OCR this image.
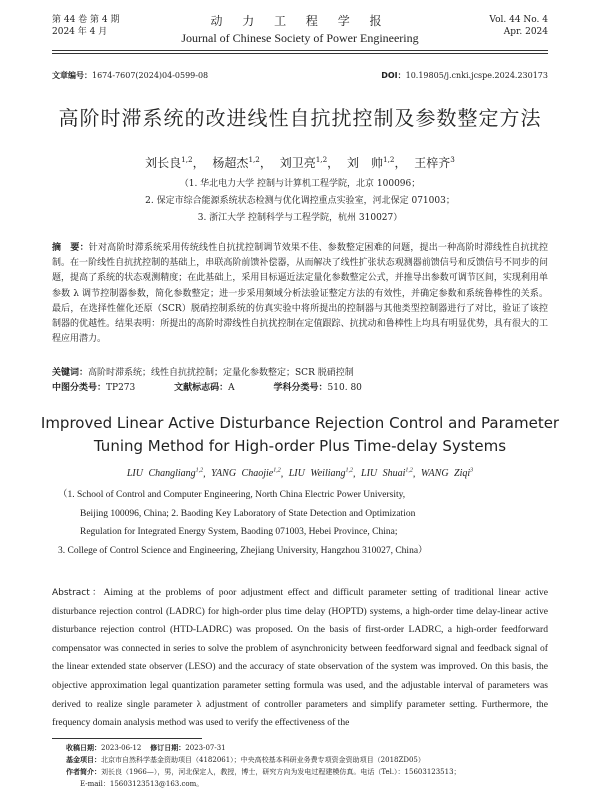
第 44 卷 第 4 期
2024 年 4 月
动 力 工 程 学 报
Journal of Chinese Society of Power Engineering
Vol. 44 No. 4
Apr. 2024
文章编号：1674-7607(2024)04-0599-08	DOI：10.19805/j.cnki.jcspe.2024.230173
高阶时滞系统的改进线性自抗扰控制及参数整定方法
刘长良$^{1,2}$， 杨超杰$^{1,2}$， 刘卫亮$^{1,2}$， 刘　帅$^{1,2}$， 王梓齐$^3$
（1. 华北电力大学 控制与计算机工程学院，北京 100096；
2. 保定市综合能源系统状态检测与优化调控重点实验室，河北保定 071003；
3. 浙江大学 控制科学与工程学院，杭州 310027）
摘　要：针对高阶时滞系统采用传统线性自抗扰控制调节效果不佳、参数整定困难的问题，提出一种高阶时滞线性自抗扰控制。在一阶线性自抗扰控制的基础上，串联高阶前馈补偿器，从而解决了线性扩张状态观测器前馈信号和反馈信号不同步的问题，提高了系统的状态观测精度；在此基础上，采用目标逼近法定量化参数整定公式，并推导出参数可调节区间，实现利用单参数 λ 调节控制器参数，简化参数整定；进一步采用频域分析法验证整定方法的有效性，并确定参数和系统鲁棒性的关系。最后，在选择性催化还原（SCR）脱硝控制系统的仿真实验中将所提出的控制器与其他类型控制器进行了对比，验证了该控制器的优越性。结果表明：所提出的高阶时滞线性自抗扰控制在定值跟踪、抗扰动和鲁棒性上均具有明显优势，具有很大的工程应用潜力。
关键词：高阶时滞系统；线性自抗扰控制；定量化参数整定；SCR 脱硝控制
中图分类号：TP273	文献标志码：A	学科分类号：510. 80
Improved Linear Active Disturbance Rejection Control and Parameter Tuning Method for High-order Plus Time-delay Systems
LIU Changliang$^{1,2}$, YANG Chaojie$^{1,2}$, LIU Weiliang$^{1,2}$, LIU Shuai$^{1,2}$, WANG Ziqi$^3$
（1. School of Control and Computer Engineering, North China Electric Power University,
Beijing 100096, China; 2. Baoding Key Laboratory of State Detection and Optimization
Regulation for Integrated Energy System, Baoding 071003, Hebei Province, China;
3. College of Control Science and Engineering, Zhejiang University, Hangzhou 310027, China）
Abstract：Aiming at the problems of poor adjustment effect and difficult parameter setting of traditional linear active disturbance rejection control (LADRC) for high-order plus time delay (HOPTD) systems, a high-order time delay-linear active disturbance rejection control (HTD-LADRC) was proposed. On the basis of first-order LADRC, a high-order feedforward compensator was connected in series to solve the problem of asynchronicity between feedforward signal and feedback signal of the linear extended state observer (LESO) and the accuracy of state observation of the system was improved. On this basis, the objective approximation legal quantization parameter setting formula was used, and the adjustable interval of parameters was derived to realize single parameter λ adjustment of controller parameters and simplify parameter setting. Furthermore, the frequency domain analysis method was used to verify the effectiveness of the
收稿日期：2023-06-12 修订日期：2023-07-31
基金项目：北京市自然科学基金资助项目（4182061）；中央高校基本科研业务费专项资金资助项目（2018ZD05）
作者简介：刘长良（1966—），男，河北保定人，教授，博士，研究方向为发电过程建模仿真。电话（Tel.）：15603123513；
E-mail：15603123513@163.com。
